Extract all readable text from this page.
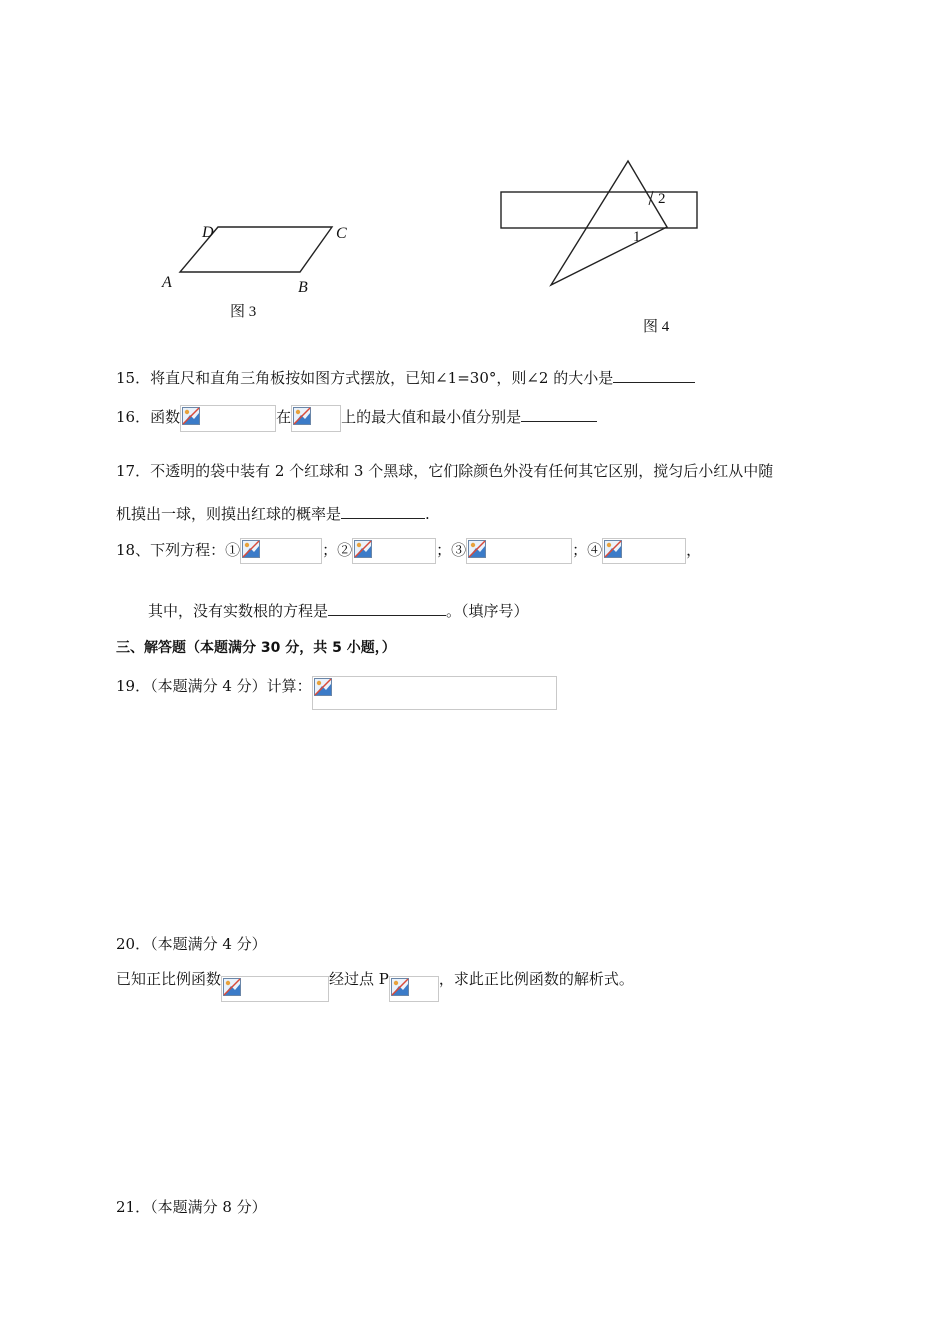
D	C
A	B
图 3
2
1
图 4
15．将直尺和直角三角板按如图方式摆放，已知∠1=30°，则∠2 的大小是
16．函数	在	上的最大值和最小值分别是
17．不透明的袋中装有 2 个红球和 3 个黑球，它们除颜色外没有任何其它区别，搅匀后小红从中随
机摸出一球，则摸出红球的概率是	.
18、下列方程：①	；②	；③	；④	，
其中，没有实数根的方程是	。（填序号）
三、解答题（本题满分 30 分，共 5 小题，）
19．（本题满分 4 分）计算：
20．（本题满分 4 分）
已知正比例函数	经过点 P	，求此正比例函数的解析式。
21．（本题满分 8 分）
